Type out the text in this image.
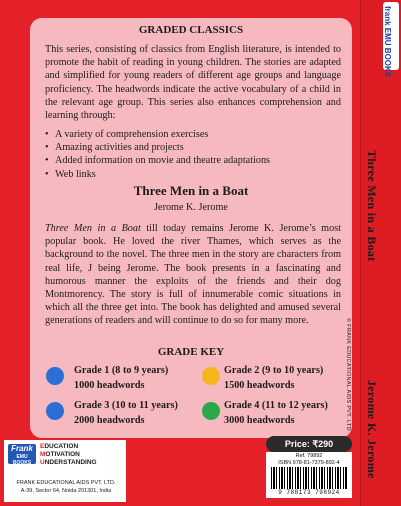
frank EMU BOOKS
Three Men in a Boat
Jerome K. Jerome
© FRANK EDUCATIONAL AIDS PVT. LTD
GRADED CLASSICS
This series, consisting of classics from English literature, is intended to promote the habit of reading in young children. The stories are adapted and simplified for young readers of different age groups and language proficiency. The headwords indicate the active vocabulary of a child in the relevant age group. This series also enhances comprehension and learning through:
• A variety of comprehension exercises
• Amazing activities and projects
• Added information on movie and theatre adaptations
• Web links
Three Men in a Boat
Jerome K. Jerome
Three Men in a Boat till today remains Jerome K. Jerome’s most popular book. He loved the river Thames, which serves as the background to the novel. The three men in the story are characters from real life, J being Jerome. The book presents in a fascinating and humorous manner the exploits of the friends and their dog Montmorency. The story is full of innumerable comic situations in which all the three get into. The book has delighted and amused several generations of readers and will continue to do so for many more.
GRADE KEY
Grade 1 (8 to 9 years)
1000 headwords
Grade 2 (9 to 10 years)
1500 headwords
Grade 3 (10 to 11 years)
2000 headwords
Grade 4 (11 to 12 years)
3000 headwords
Frank
EMU BOOKS
EDUCATION
MOTIVATION
UNDERSTANDING
FRANK EDUCATIONAL AIDS PVT. LTD.
A-39, Sector 64, Noida 201301, India
Price: ₹290
Ref. 79892
ISBN 978-81-7379-892-4
9 788173 798924
